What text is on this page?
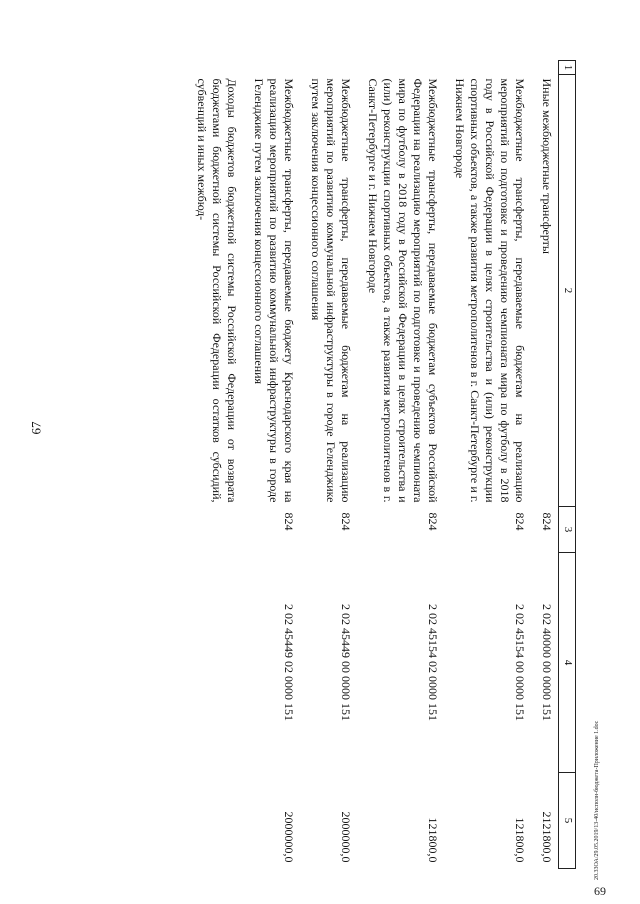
67
20.33ОА/29.05.2019/13-40/исполн-бюджета-Приложение 1.doc
69
1	2	3	4	5
	Иные межбюджетные трансферты	824	2 02 40000 00 0000 151	2121800,0
	Межбюджетные трансферты, передаваемые бюджетам на реализацию мероприятий по подготовке и проведению чемпионата мира по футболу в 2018 году в Российской Федерации в целях строительства и (или) реконструкции спортивных объектов, а также развития метрополитенов в г. Санкт-Петербурге и г. Нижнем Новгороде	824	2 02 45154 00 0000 151	121800,0
	Межбюджетные трансферты, передаваемые бюджетам субъектов Российской Федерации на реализацию мероприятий по подготовке и проведению чемпионата мира по футболу в 2018 году в Российской Федерации в целях строительства и (или) реконструкции спортивных объектов, а также развития метрополитенов в г. Санкт-Петербурге и г. Нижнем Новгороде	824	2 02 45154 02 0000 151	121800,0
	Межбюджетные трансферты, передаваемые бюджетам на реализацию мероприятий по развитию коммунальной инфраструктуры в городе Геленджике путем заключения концессионного соглашения	824	2 02 45449 00 0000 151	2000000,0
	Межбюджетные трансферты, передаваемые бюджету Краснодарского края на реализацию мероприятий по развитию коммунальной инфраструктуры в городе Геленджике путем заключения концессионного соглашения	824	2 02 45449 02 0000 151	2000000,0
	Доходы бюджетов бюджетной системы Российской Федерации от возврата бюджетами бюджетной системы Российской Федерации остатков субсидий, субвенций и иных межбюд-			
